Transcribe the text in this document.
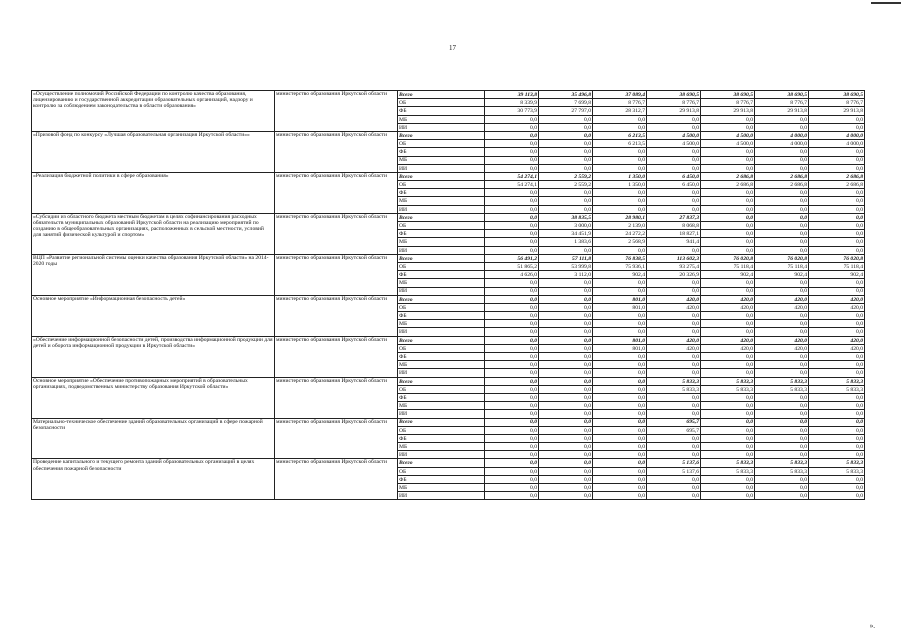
17
«Осуществление полномочий Российской Федерации по контролю качества образования, лицензированию и государственной аккредитации образовательных организаций, надзору и контролю за соблюдением законодательства в области образования»	министерство образования Иркутской области	Всего	39 113,8	35 496,8	37 089,4	38 690,5	38 690,5	38 690,5	38 690,5
		ОБ	8 339,9	7 699,8	8 776,7	8 776,7	8 776,7	8 776,7	8 776,7
		ФБ	30 773,9	27 797,0	28 312,7	29 913,8	29 913,8	29 913,8	29 913,8
		МБ	0,0	0,0	0,0	0,0	0,0	0,0	0,0
		ИИ	0,0	0,0	0,0	0,0	0,0	0,0	0,0
«Призовой фонд по конкурсу «Лучшая образовательная организация Иркутской области»»	министерство образования Иркутской области	Всего	0,0	0,0	6 213,5	4 500,0	4 500,0	4 000,0	4 000,0
		ОБ	0,0	0,0	6 213,5	4 500,0	4 500,0	4 000,0	4 000,0
		ФБ	0,0	0,0	0,0	0,0	0,0	0,0	0,0
		МБ	0,0	0,0	0,0	0,0	0,0	0,0	0,0
		ИИ	0,0	0,0	0,0	0,0	0,0	0,0	0,0
«Реализация бюджетной политики в сфере образования»	министерство образования Иркутской области	Всего	54 274,1	2 559,2	1 350,0	6 450,0	2 686,8	2 686,8	2 686,8
		ОБ	54 274,1	2 559,2	1 350,0	6 450,0	2 686,8	2 686,8	2 686,8
		ФБ	0,0	0,0	0,0	0,0	0,0	0,0	0,0
		МБ	0,0	0,0	0,0	0,0	0,0	0,0	0,0
		ИИ	0,0	0,0	0,0	0,0	0,0	0,0	0,0
«Субсидии из областного бюджета местным бюджетам в целях софинансирования расходных обязательств муниципальных образований Иркутской области на реализацию мероприятий по созданию в общеобразовательных организациях, расположенных в сельской местности, условий для занятий физической культурой и спортом»	министерство образования Иркутской области	Всего	0,0	38 835,5	28 980,1	27 837,3	0,0	0,0	0,0
		ОБ	0,0	3 000,0	2 139,0	8 068,8	0,0	0,0	0,0
		ФБ	0,0	34 451,9	24 272,2	18 827,1	0,0	0,0	0,0
		МБ	0,0	1 383,6	2 568,9	941,4	0,0	0,0	0,0
		ИИ	0,0	0,0	0,0	0,0	0,0	0,0	0,0
ВЦП «Развитие региональной системы оценки качества образования Иркутской области» на 2014-2020 годы	министерство образования Иркутской области	Всего	56 491,2	57 111,8	76 838,5	113 602,3	76 020,8	76 020,8	76 020,8
		ОБ	51 865,2	53 999,8	75 936,1	93 275,4	75 118,4	75 118,4	75 118,4
		ФБ	4 626,0	3 112,0	902,4	20 326,9	902,4	902,4	902,4
		МБ	0,0	0,0	0,0	0,0	0,0	0,0	0,0
		ИИ	0,0	0,0	0,0	0,0	0,0	0,0	0,0
Основное мероприятие «Информационная безопасность детей»	министерство образования Иркутской области	Всего	0,0	0,0	801,0	420,0	420,0	420,0	420,0
		ОБ	0,0	0,0	801,0	420,0	420,0	420,0	420,0
		ФБ	0,0	0,0	0,0	0,0	0,0	0,0	0,0
		МБ	0,0	0,0	0,0	0,0	0,0	0,0	0,0
		ИИ	0,0	0,0	0,0	0,0	0,0	0,0	0,0
«Обеспечение информационной безопасности детей, производства информационной продукции для детей и оборота информационной продукции в Иркутской области»	министерство образования Иркутской области	Всего	0,0	0,0	801,0	420,0	420,0	420,0	420,0
		ОБ	0,0	0,0	801,0	420,0	420,0	420,0	420,0
		ФБ	0,0	0,0	0,0	0,0	0,0	0,0	0,0
		МБ	0,0	0,0	0,0	0,0	0,0	0,0	0,0
		ИИ	0,0	0,0	0,0	0,0	0,0	0,0	0,0
Основное мероприятие «Обеспечение противопожарных мероприятий в образовательных организациях, подведомственных министерству образования Иркутской области»	министерство образования Иркутской области	Всего	0,0	0,0	0,0	5 833,3	5 833,3	5 833,3	5 833,3
		ОБ	0,0	0,0	0,0	5 833,3	5 833,3	5 833,3	5 833,3
		ФБ	0,0	0,0	0,0	0,0	0,0	0,0	0,0
		МБ	0,0	0,0	0,0	0,0	0,0	0,0	0,0
		ИИ	0,0	0,0	0,0	0,0	0,0	0,0	0,0
Материально-техническое обеспечение зданий образовательных организаций в сфере пожарной безопасности	министерство образования Иркутской области	Всего	0,0	0,0	0,0	695,7	0,0	0,0	0,0
		ОБ	0,0	0,0	0,0	695,7	0,0	0,0	0,0
		ФБ	0,0	0,0	0,0	0,0	0,0	0,0	0,0
		МБ	0,0	0,0	0,0	0,0	0,0	0,0	0,0
		ИИ	0,0	0,0	0,0	0,0	0,0	0,0	0,0
Проведение капитального и текущего ремонта зданий образовательных организаций в целях обеспечения пожарной безопасности	министерство образования Иркутской области	Всего	0,0	0,0	0,0	5 137,6	5 833,3	5 833,3	5 833,3
		ОБ	0,0	0,0	0,0	5 137,6	5 833,3	5 833,3	5 833,3
		ФБ	0,0	0,0	0,0	0,0	0,0	0,0	0,0
		МБ	0,0	0,0	0,0	0,0	0,0	0,0	0,0
		ИИ	0,0	0,0	0,0	0,0	0,0	0,0	0,0
».
